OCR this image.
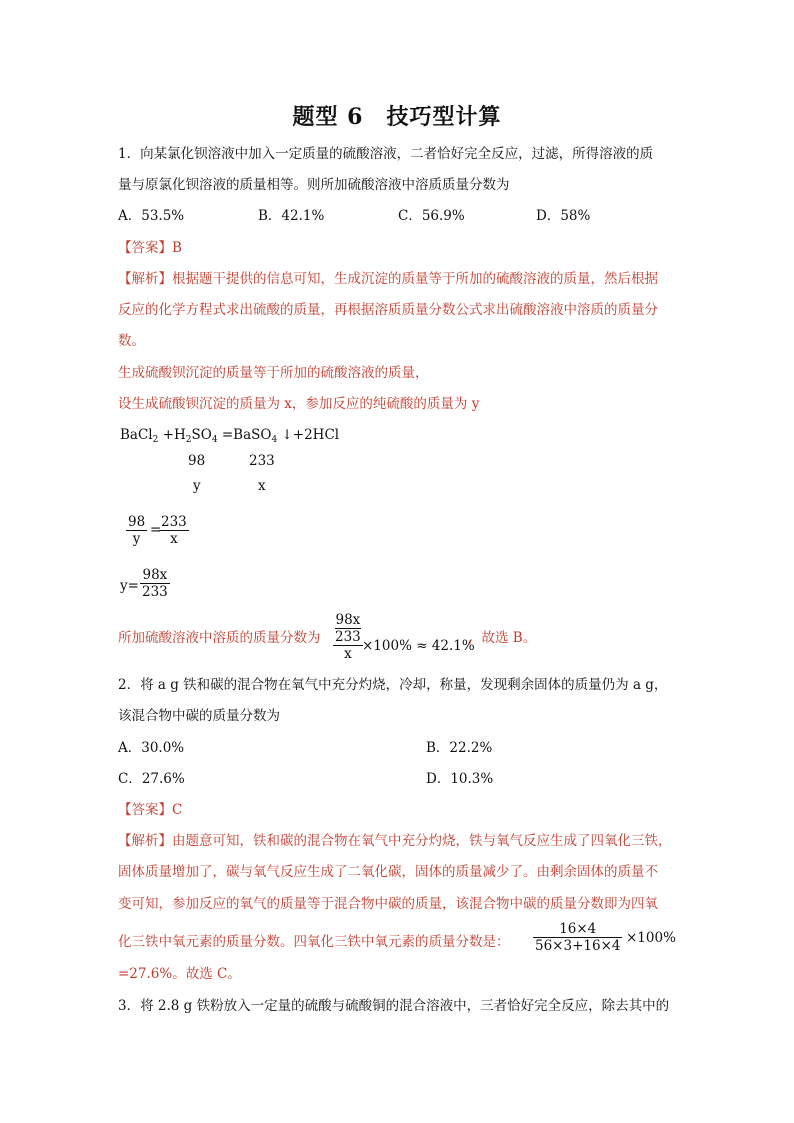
题型 6　技巧型计算
1．向某氯化钡溶液中加入一定质量的硫酸溶液，二者恰好完全反应，过滤，所得溶液的质
量与原氯化钡溶液的质量相等。则所加硫酸溶液中溶质质量分数为
A．53.5%	B．42.1%	C．56.9%	D．58%
【答案】B
【解析】根据题干提供的信息可知，生成沉淀的质量等于所加的硫酸溶液的质量，然后根据
反应的化学方程式求出硫酸的质量，再根据溶质质量分数公式求出硫酸溶液中溶质的质量分
数。
生成硫酸钡沉淀的质量等于所加的硫酸溶液的质量，
设生成硫酸钡沉淀的质量为 x，参加反应的纯硫酸的质量为 y
BaCl$_2$ $+H_2SO_4$ =BaSO$_4$ ↓+2HCl
98	233
y	x
$\frac{98}{y}$ =
$\frac{233}{x}$
$y= \frac{98x}{233}$
所加硫酸溶液中溶质的质量分数为 98x
233
x ×100% ≈ 42.1%
，故选 B。
2．将 a g 铁和碳的混合物在氧气中充分灼烧，冷却，称量，发现剩余固体的质量仍为 a g，
该混合物中碳的质量分数为
A．30.0%	B．22.2%
C．27.6%	D．10.3%
【答案】C
【解析】由题意可知，铁和碳的混合物在氧气中充分灼烧，铁与氧气反应生成了四氧化三铁，
固体质量增加了，碳与氧气反应生成了二氧化碳，固体的质量减少了。由剩余固体的质量不
变可知，参加反应的氧气的质量等于混合物中碳的质量，该混合物中碳的质量分数即为四氧
化三铁中氧元素的质量分数。四氧化三铁中氧元素的质量分数是： $\frac{16\times 4}{56\times 3+16\times 4} \times 100\%$
=27.6%。故选 C。
3．将 2.8 g 铁粉放入一定量的硫酸与硫酸铜的混合溶液中，三者恰好完全反应，除去其中的
